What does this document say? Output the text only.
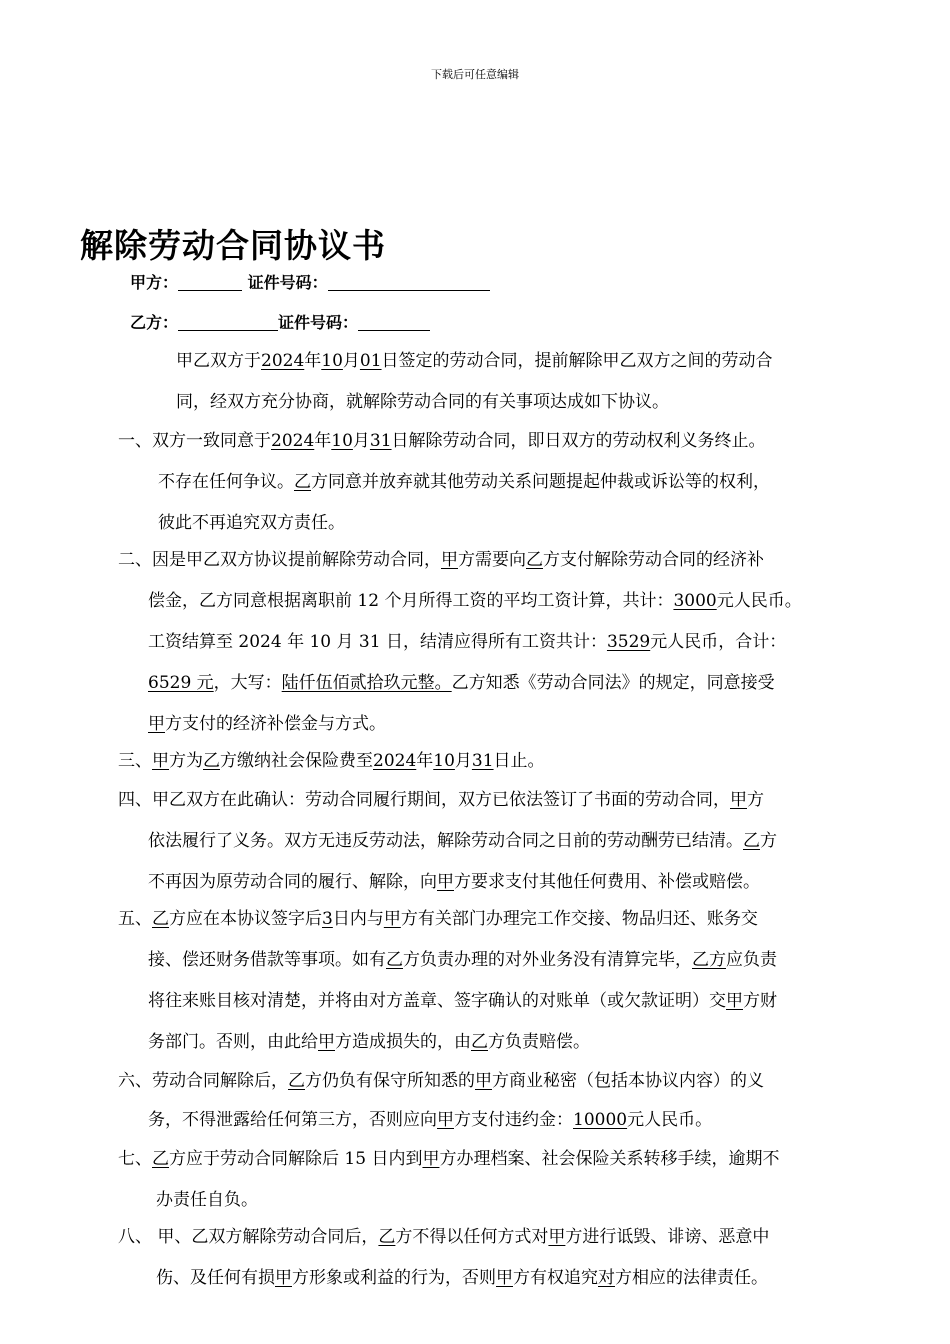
下载后可任意编辑
解除劳动合同协议书
甲方：	证件号码：
乙方：	证件号码：
甲乙双方于2024年10月01日签定的劳动合同，提前解除甲乙双方之间的劳动合
同，经双方充分协商，就解除劳动合同的有关事项达成如下协议。
一、双方一致同意于2024年10月31日解除劳动合同，即日双方的劳动权利义务终止。
不存在任何争议。乙方同意并放弃就其他劳动关系问题提起仲裁或诉讼等的权利，
彼此不再追究双方责任。
二、因是甲乙双方协议提前解除劳动合同，甲方需要向乙方支付解除劳动合同的经济补
偿金，乙方同意根据离职前 12 个月所得工资的平均工资计算，共计：3000元人民币。
工资结算至 2024 年 10 月 31 日，结清应得所有工资共计：3529元人民币，合计：
6529 元，大写：陆仟伍佰贰拾玖元整。乙方知悉《劳动合同法》的规定，同意接受
甲方支付的经济补偿金与方式。
三、甲方为乙方缴纳社会保险费至2024年10月31日止。
四、甲乙双方在此确认：劳动合同履行期间，双方已依法签订了书面的劳动合同，甲方
依法履行了义务。双方无违反劳动法，解除劳动合同之日前的劳动酬劳已结清。乙方
不再因为原劳动合同的履行、解除，向甲方要求支付其他任何费用、补偿或赔偿。
五、乙方应在本协议签字后3日内与甲方有关部门办理完工作交接、物品归还、账务交
接、偿还财务借款等事项。如有乙方负责办理的对外业务没有清算完毕，乙方应负责
将往来账目核对清楚，并将由对方盖章、签字确认的对账单（或欠款证明）交甲方财
务部门。否则，由此给甲方造成损失的，由乙方负责赔偿。
六、劳动合同解除后，乙方仍负有保守所知悉的甲方商业秘密（包括本协议内容）的义
务，不得泄露给任何第三方，否则应向甲方支付违约金：10000元人民币。
七、乙方应于劳动合同解除后 15 日内到甲方办理档案、社会保险关系转移手续，逾期不
办责任自负。
八、 甲、乙双方解除劳动合同后，乙方不得以任何方式对甲方进行诋毁、诽谤、恶意中
伤、及任何有损甲方形象或利益的行为，否则甲方有权追究对方相应的法律责任。
